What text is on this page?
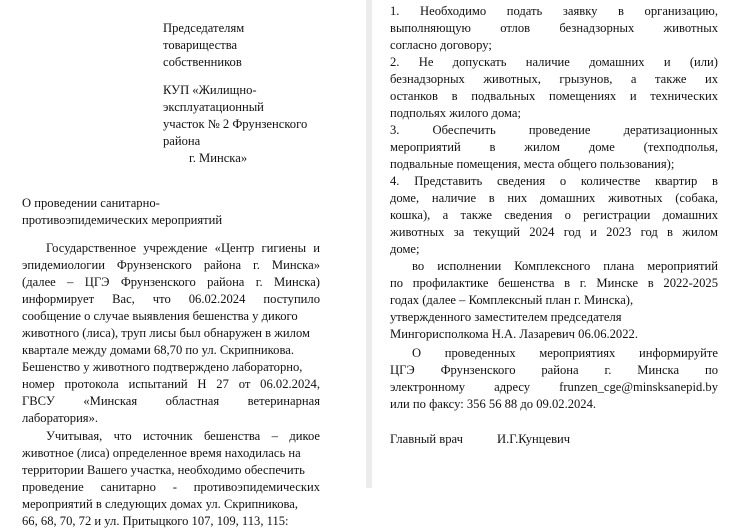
Председателям
товарищества
собственников
КУП «Жилищно-
эксплуатационный
участок № 2 Фрунзенского
района
г. Минска»
О проведении санитарно-
противоэпидемических мероприятий
Государственное учреждение «Центр гигиены и
эпидемиологии Фрунзенского района г. Минска»
(далее – ЦГЭ Фрунзенского района г. Минска)
информирует Вас, что 06.02.2024 поступило
сообщение о случае выявления бешенства у дикого
животного (лиса), труп лисы был обнаружен в жилом
квартале между домами 68,70 по ул. Скрипникова.
Бешенство у животного подтверждено лабораторно,
номер протокола испытаний Н 27 от 06.02.2024,
ГВСУ «Минская областная ветеринарная
лаборатория».
Учитывая, что источник бешенства – дикое
животное (лиса) определенное время находилась на
территории Вашего участка, необходимо обеспечить
проведение санитарно - противоэпидемических
мероприятий в следующих домах ул. Скрипникова,
66, 68, 70, 72 и ул. Притыцкого 107, 109, 113, 115:
1. Необходимо подать заявку в организацию,
выполняющую отлов безнадзорных животных
согласно договору;
2. Не допускать наличие домашних и (или)
безнадзорных животных, грызунов, а также их
останков в подвальных помещениях и технических
подпольях жилого дома;
3. Обеспечить проведение дератизационных
мероприятий в жилом доме (техподполья,
подвальные помещения, места общего пользования);
4. Представить сведения о количестве квартир в
доме, наличие в них домашних животных (собака,
кошка), а также сведения о регистрации домашних
животных за текущий 2024 год и 2023 год в жилом
доме;
во исполнении Комплексного плана мероприятий
по профилактике бешенства в г. Минске в 2022-2025
годах (далее – Комплексный план г. Минска),
утвержденного заместителем председателя
Мингорисполкома Н.А. Лазаревич 06.06.2022.
О проведенных мероприятиях информируйте
ЦГЭ Фрунзенского района г. Минска по
электронному адресу frunzen_cge@minsksanepid.by
или по факсу: 356 56 88 до 09.02.2024.
Главный врач	И.Г.Кунцевич
